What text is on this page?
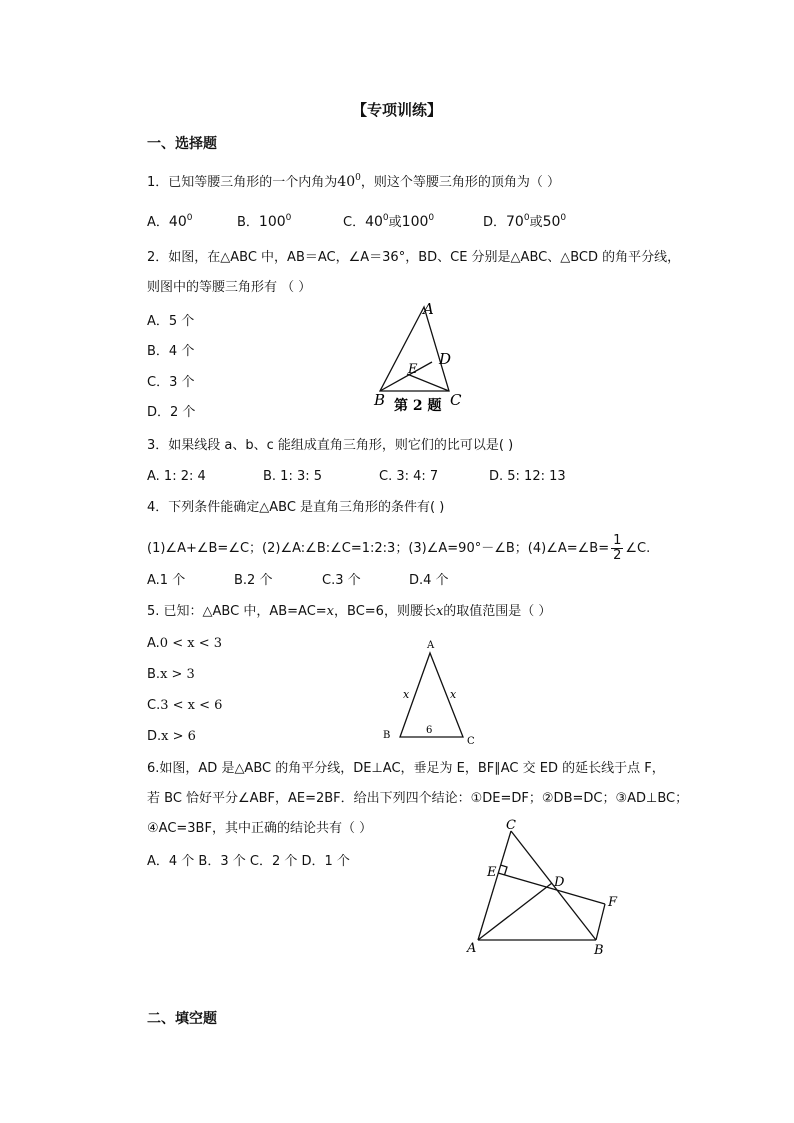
【专项训练】
一、选择题
1．已知等腰三角形的一个内角为$40^0$，则这个等腰三角形的顶角为（ ）
A．$40^0$	B．$100^0$	C．$40^0$或$100^0$	D．$70^0$或$50^0$
2．如图，在△ABC 中，AB＝AC，∠A＝36°，BD、CE 分别是△ABC、△BCD 的角平分线，
则图中的等腰三角形有 （ ）
A．5 个
B．4 个
C．3 个
D．2 个
A
B	C
D
E
第 2 题
3．如果线段 a、b、c 能组成直角三角形，则它们的比可以是( )
A. 1: 2: 4	B. 1: 3: 5	C. 3: 4: 7	D. 5: 12: 13
4．下列条件能确定△ABC 是直角三角形的条件有( )
(1)∠A+∠B=∠C；(2)∠A:∠B:∠C=1:2:3；(3)∠A=90°－∠B；(4)∠A=∠B= $\frac{1}{2}$ ∠C.
A.1 个	B.2 个	C.3 个	D.4 个
5. 已知：△ABC 中，AB=AC=x，BC=6，则腰长x的取值范围是（ ）
A.0 < x < 3
B.x > 3
C.3 < x < 6
D.x > 6
A
B
C
x	x
6
6.如图，AD 是△ABC 的角平分线，DE⊥AC，垂足为 E，BF∥AC 交 ED 的延长线于点 F，
若 BC 恰好平分∠ABF，AE=2BF．给出下列四个结论：①DE=DF；②DB=DC；③AD⊥BC；
④AC=3BF，其中正确的结论共有（ ）
A．4 个 B．3 个 C．2 个 D．1 个
C
E
D
F
A	B
二、填空题
